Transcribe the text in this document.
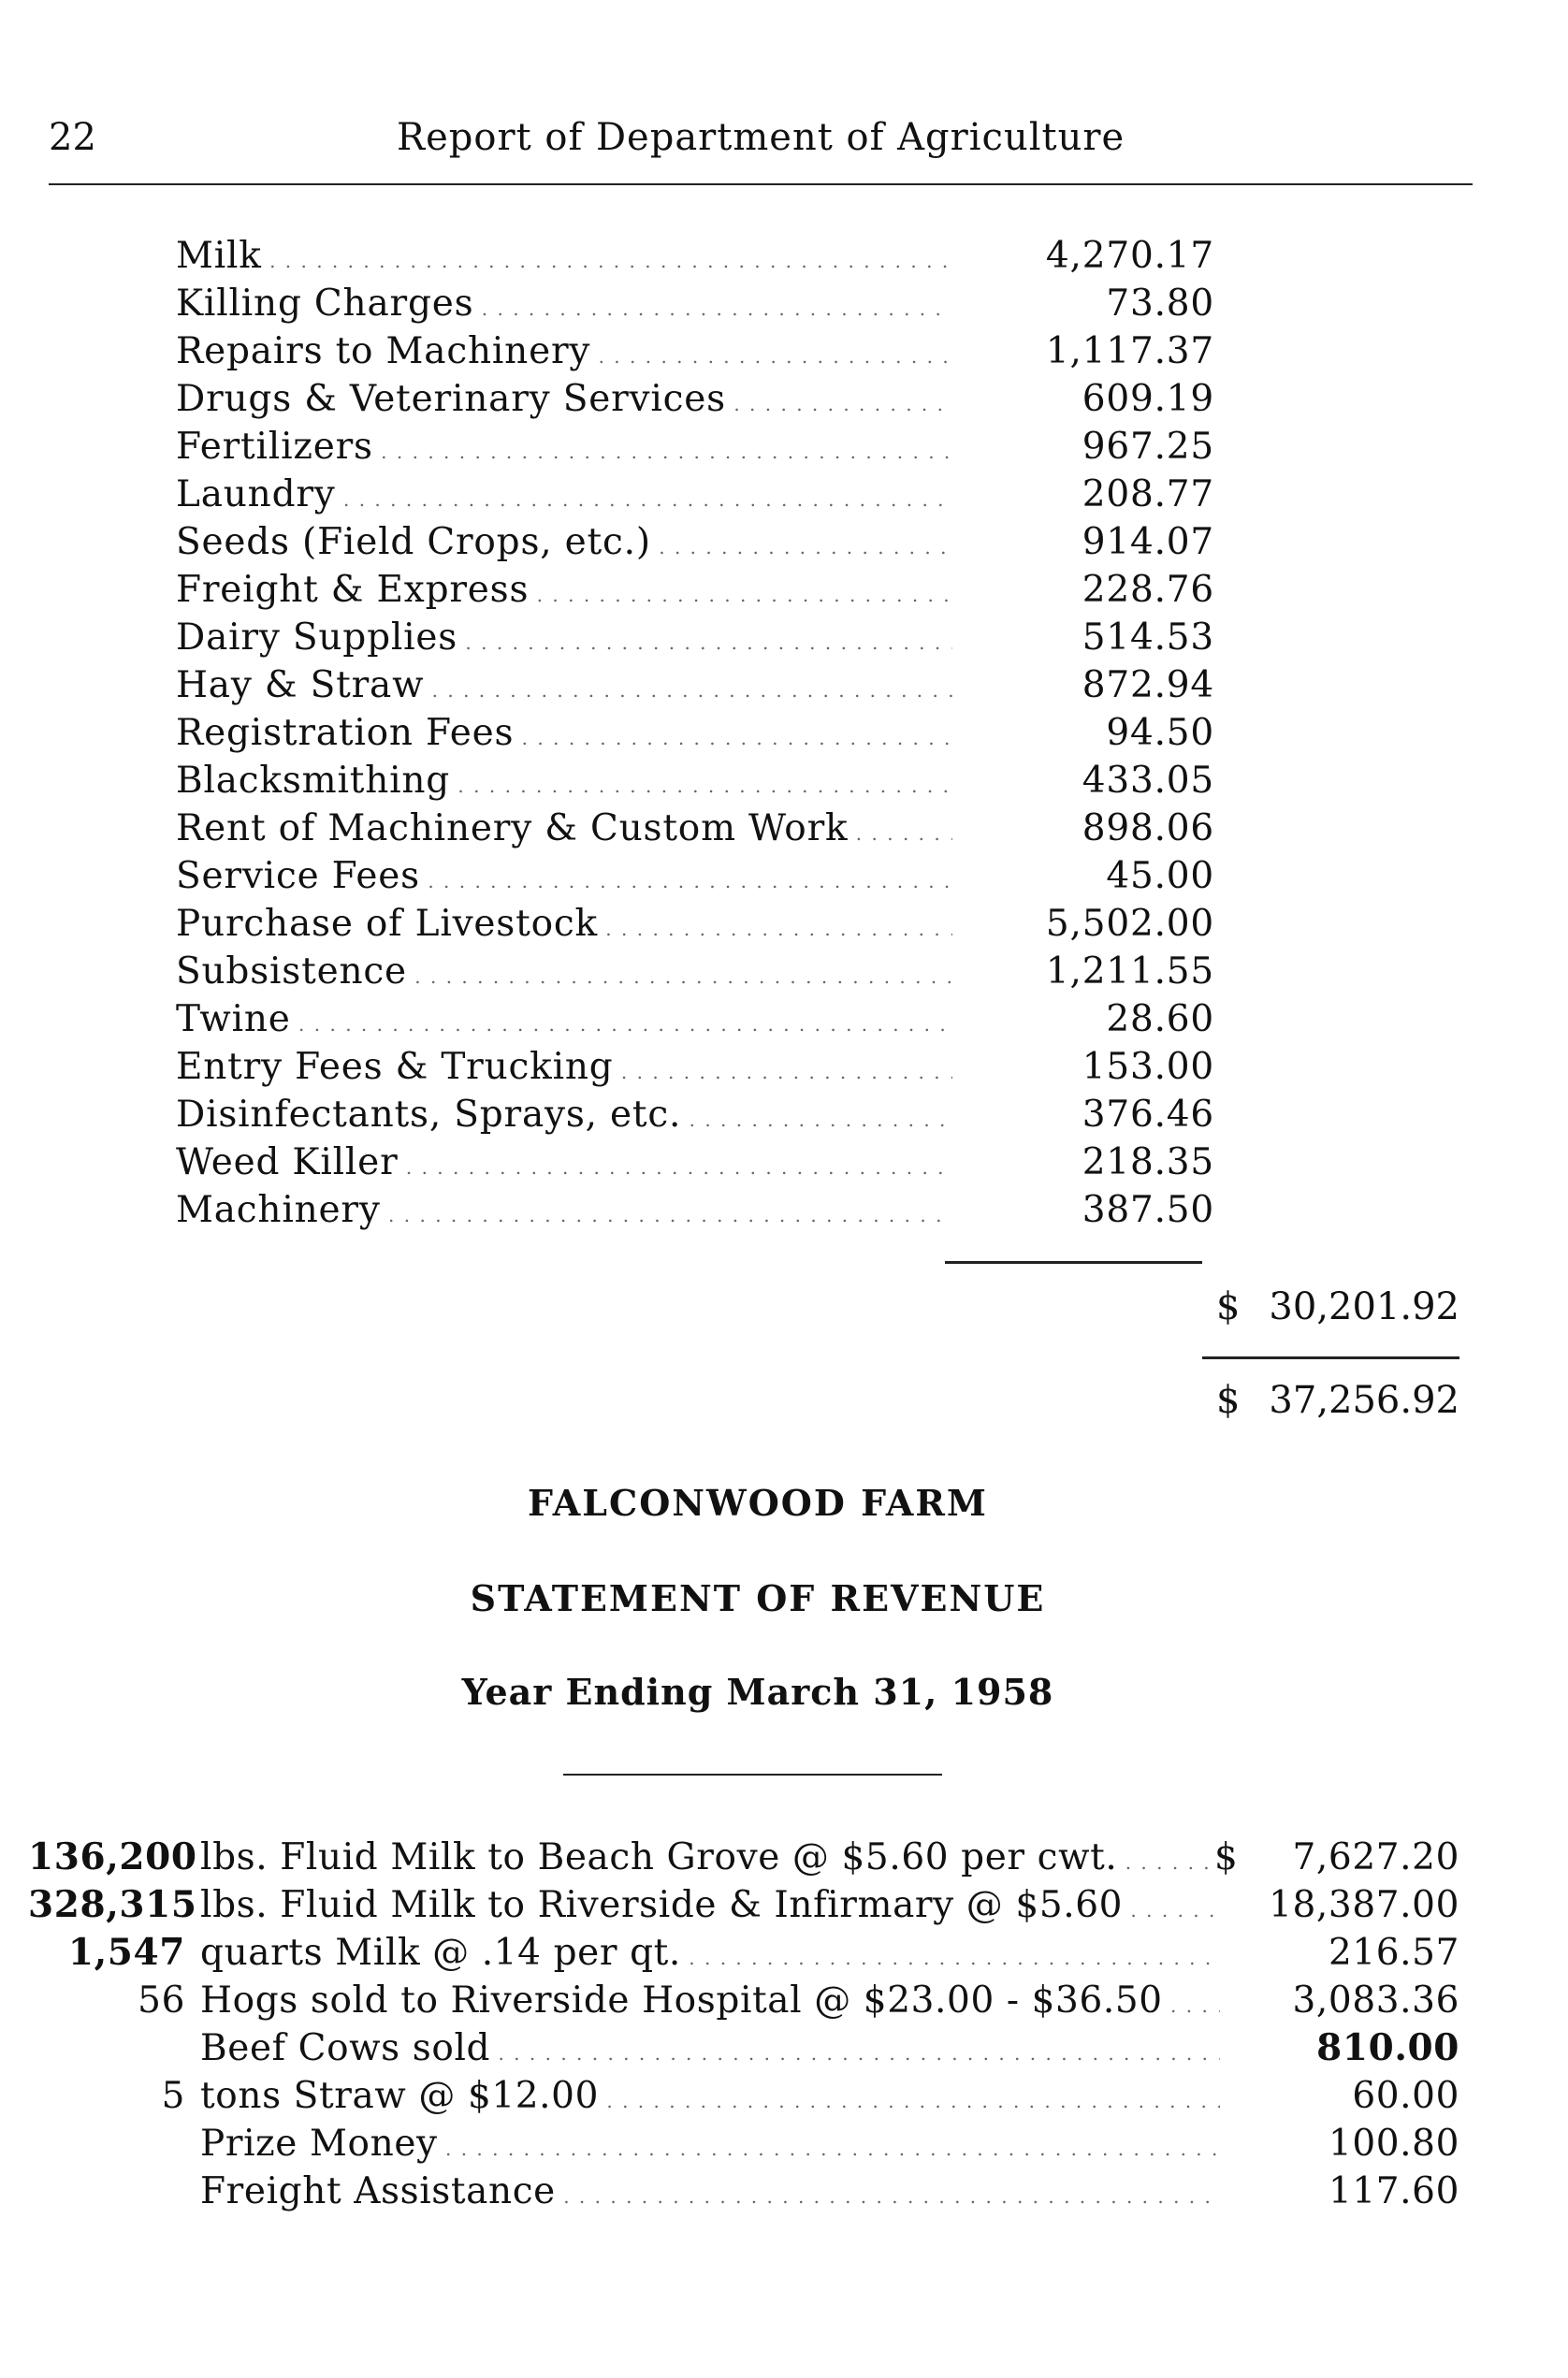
22	Report of Department of Agriculture
Milk . . .	4,270.17
Killing Charges . . .	73.80
Repairs to Machinery . . .	1,117.37
Drugs & Veterinary Services . . .	609.19
Fertilizers . . .	967.25
Laundry . . .	208.77
Seeds (Field Crops, etc.) . . .	914.07
Freight & Express . . .	228.76
Dairy Supplies . . .	514.53
Hay & Straw . . .	872.94
Registration Fees . . .	94.50
Blacksmithing . . .	433.05
Rent of Machinery & Custom Work . . .	898.06
Service Fees . . .	45.00
Purchase of Livestock . . .	5,502.00
Subsistence . . .	1,211.55
Twine . . .	28.60
Entry Fees & Trucking . . .	153.00
Disinfectants, Sprays, etc. . . .	376.46
Weed Killer . . .	218.35
Machinery . . .	387.50
$ 30,201.92
$ 37,256.92
FALCONWOOD FARM
STATEMENT OF REVENUE
Year Ending March 31, 1958
136,200 lbs. Fluid Milk to Beach Grove @ $5.60 per cwt. . . .	$	7,627.20
328,315 lbs. Fluid Milk to Riverside & Infirmary @ $5.60 . . .	18,387.00
1,547 quarts Milk @ .14 per qt. . . .	216.57
56 Hogs sold to Riverside Hospital @ $23.00 - $36.50 . . .	3,083.36
Beef Cows sold . . .	810.00
5 tons Straw @ $12.00 . . .	60.00
Prize Money . . .	100.80
Freight Assistance . . .	117.60
